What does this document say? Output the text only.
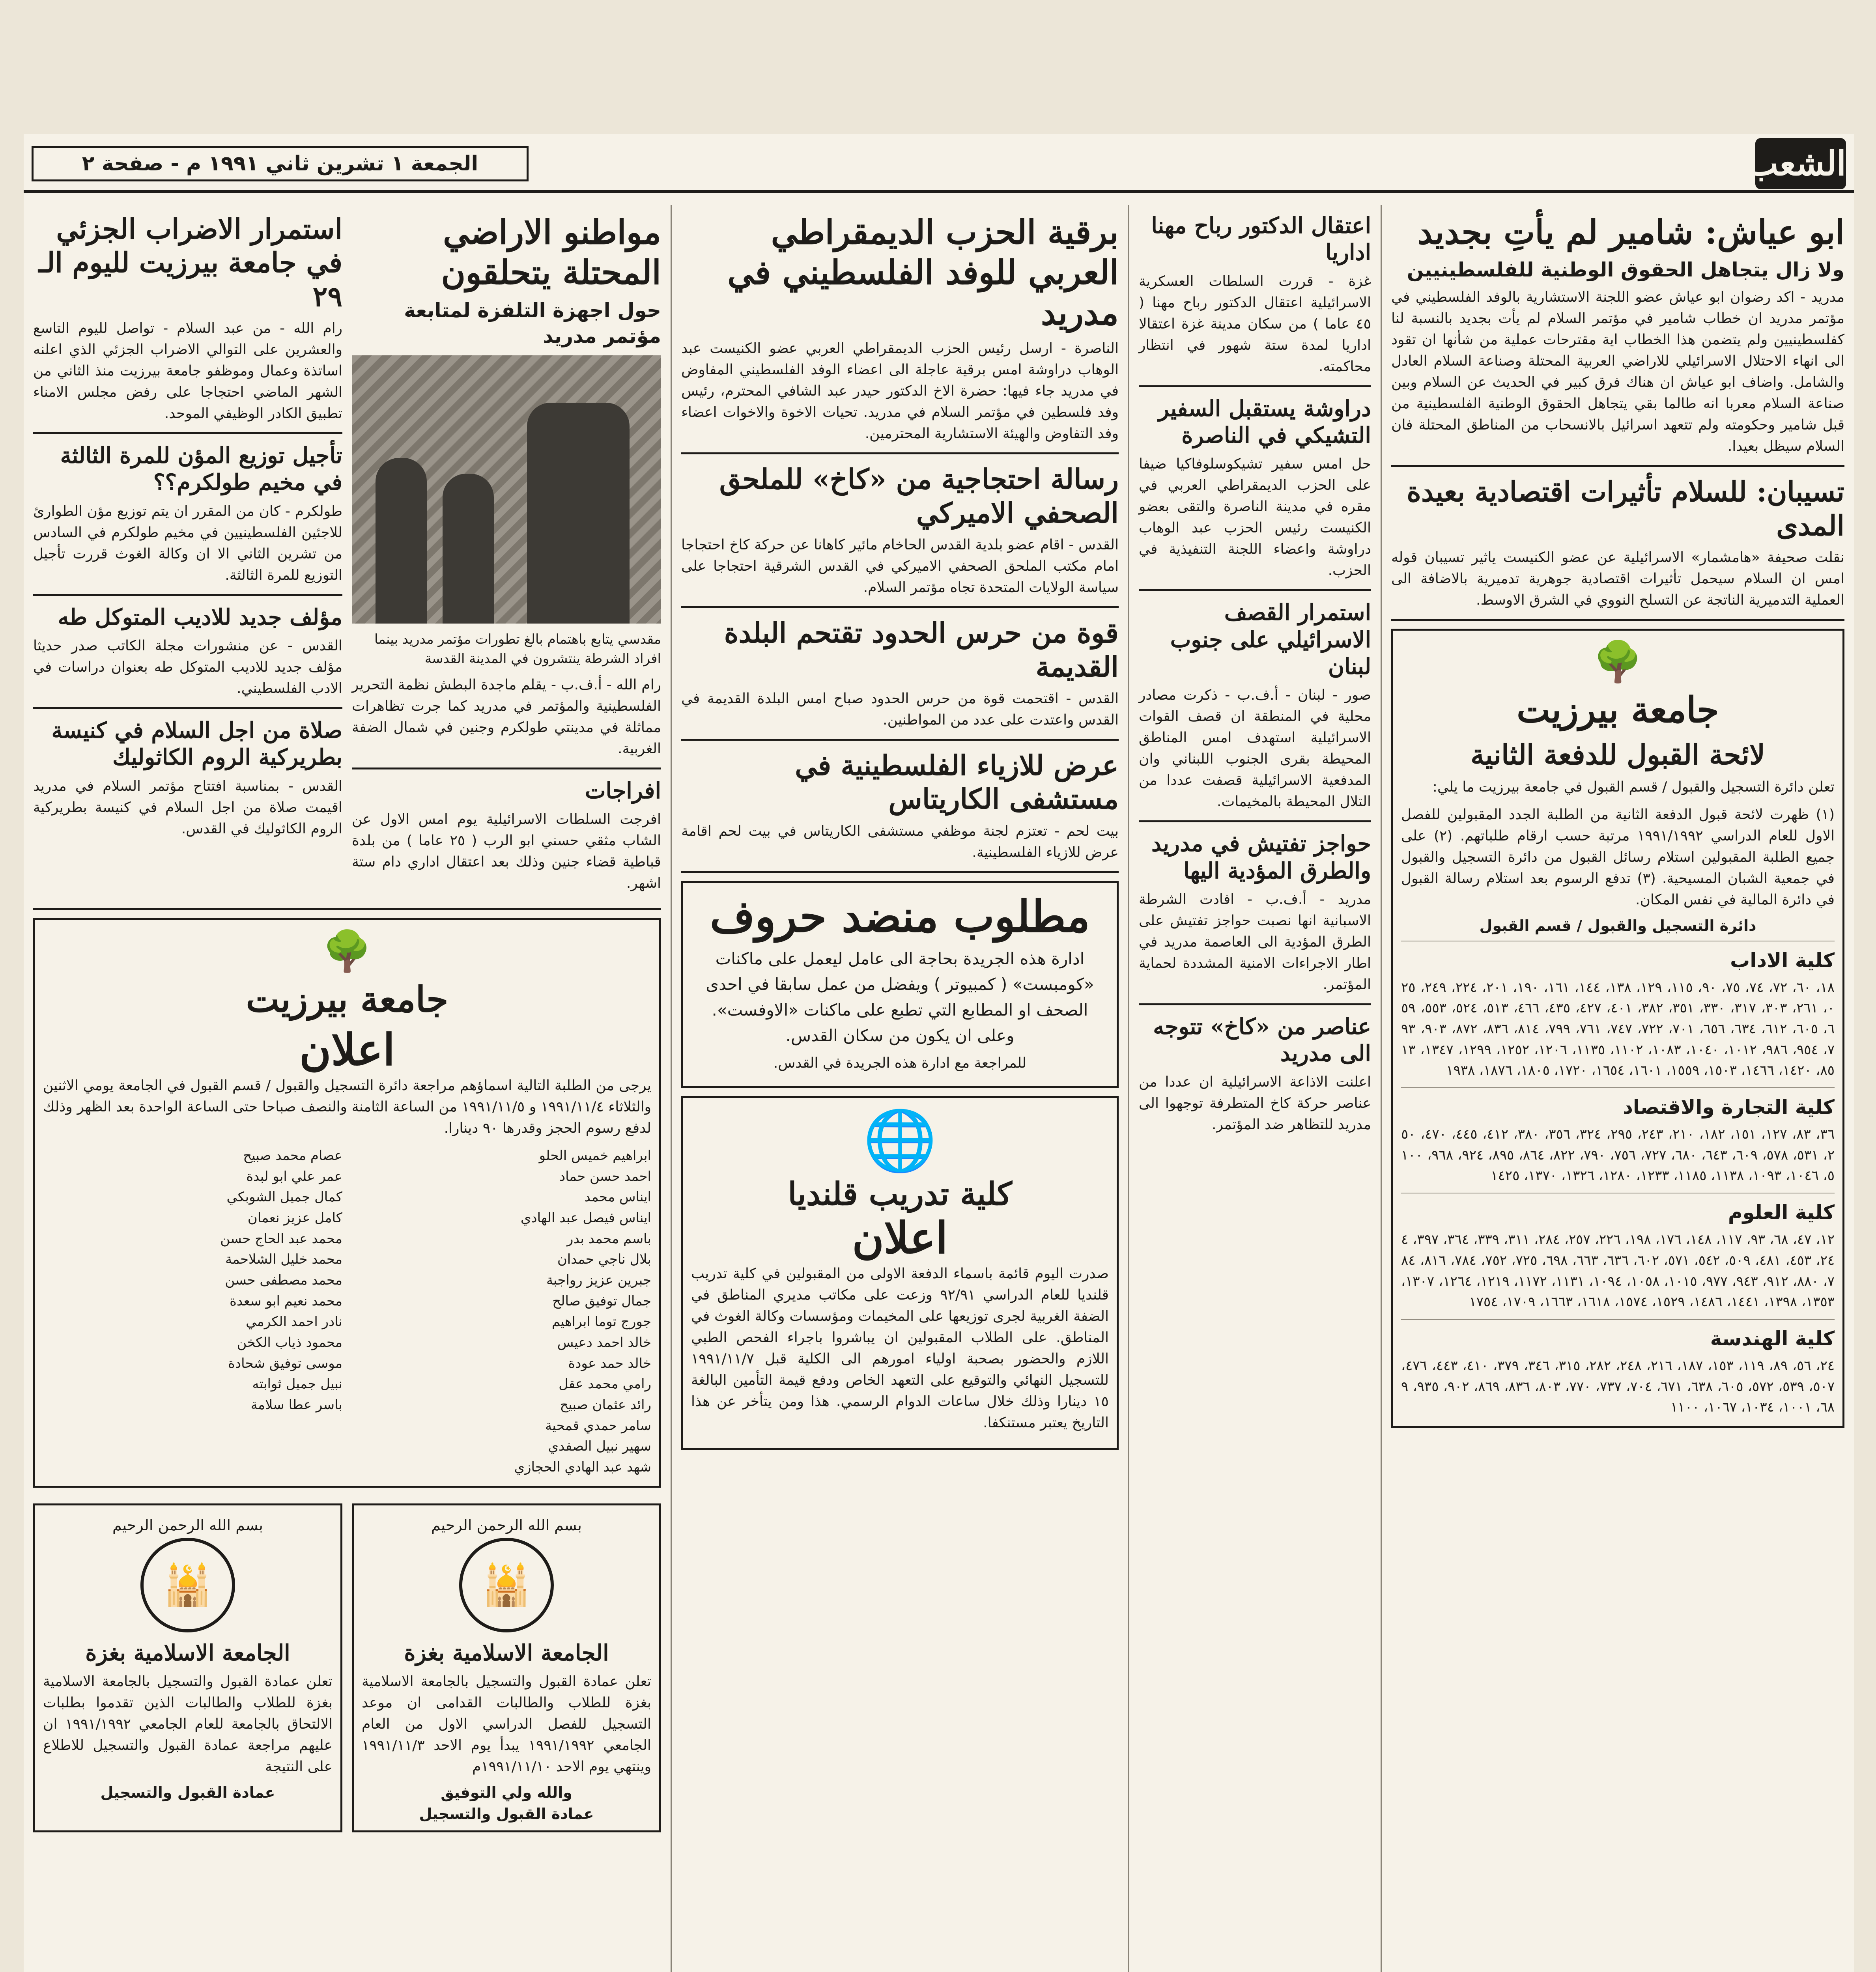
الشعب
الجمعة ١ تشرين ثاني ١٩٩١ م - صفحة ٢
ابو عياش: شامير لم يأتِ بجديد
ولا زال يتجاهل الحقوق الوطنية للفلسطينيين
مدريد - اكد رضوان ابو عياش عضو اللجنة الاستشارية بالوفد الفلسطيني في مؤتمر مدريد ان خطاب شامير في مؤتمر السلام لم يأت بجديد بالنسبة لنا كفلسطينيين ولم يتضمن هذا الخطاب اية مقترحات عملية من شأنها ان تقود الى انهاء الاحتلال الاسرائيلي للاراضي العربية المحتلة وصناعة السلام العادل والشامل. واضاف ابو عياش ان هناك فرق كبير في الحديث عن السلام وبين صناعة السلام معربا انه طالما بقي يتجاهل الحقوق الوطنية الفلسطينية من قبل شامير وحكومته ولم تتعهد اسرائيل بالانسحاب من المناطق المحتلة فان السلام سيظل بعيدا.
تسيبان: للسلام تأثيرات اقتصادية بعيدة المدى
نقلت صحيفة «هامشمار» الاسرائيلية عن عضو الكنيست ياثير تسيبان قوله امس ان السلام سيحمل تأثيرات اقتصادية جوهرية تدميرية بالاضافة الى العملية التدميرية الناتجة عن التسلح النووي في الشرق الاوسط.
🌳
جامعة بيرزيت
لائحة القبول للدفعة الثانية
تعلن دائرة التسجيل والقبول / قسم القبول في جامعة بيرزيت ما يلي:
(١) ظهرت لائحة قبول الدفعة الثانية من الطلبة الجدد المقبولين للفصل الاول للعام الدراسي ١٩٩١/١٩٩٢ مرتبة حسب ارقام طلباتهم. (٢) على جميع الطلبة المقبولين استلام رسائل القبول من دائرة التسجيل والقبول في جمعية الشبان المسيحية. (٣) تدفع الرسوم بعد استلام رسالة القبول في دائرة المالية في نفس المكان.
دائرة التسجيل والقبول / قسم القبول
كلية الاداب
١٨، ٦٠، ٧٢، ٧٤، ٧٥، ٩٠، ١١٥، ١٢٩، ١٣٨، ١٤٤، ١٦١، ١٩٠، ٢٠١، ٢٢٤، ٢٤٩، ٢٥٠، ٢٦١، ٣٠٣، ٣١٧، ٣٣٠، ٣٥١، ٣٨٢، ٤٠١، ٤٢٧، ٤٣٥، ٤٦٦، ٥١٣، ٥٢٤، ٥٥٣، ٥٩٦، ٦٠٥، ٦١٢، ٦٣٤، ٦٥٦، ٧٠١، ٧٢٢، ٧٤٧، ٧٦١، ٧٩٩، ٨١٤، ٨٣٦، ٨٧٢، ٩٠٣، ٩٣٧، ٩٥٤، ٩٨٦، ١٠١٢، ١٠٤٠، ١٠٨٣، ١١٠٢، ١١٣٥، ١٢٠٦، ١٢٥٢، ١٢٩٩، ١٣٤٧، ١٣٨٥، ١٤٢٠، ١٤٦٦، ١٥٠٣، ١٥٥٩، ١٦٠١، ١٦٥٤، ١٧٢٠، ١٨٠٥، ١٨٧٦، ١٩٣٨
كلية التجارة والاقتصاد
٣٦، ٨٣، ١٢٧، ١٥١، ١٨٢، ٢١٠، ٢٤٣، ٢٩٥، ٣٢٤، ٣٥٦، ٣٨٠، ٤١٢، ٤٤٥، ٤٧٠، ٥٠٢، ٥٣١، ٥٧٨، ٦٠٩، ٦٤٣، ٦٨٠، ٧٢٧، ٧٥٦، ٧٩٠، ٨٢٢، ٨٦٤، ٨٩٥، ٩٢٤، ٩٦٨، ١٠٠٥، ١٠٤٦، ١٠٩٣، ١١٣٨، ١١٨٥، ١٢٣٣، ١٢٨٠، ١٣٢٦، ١٣٧٠، ١٤٢٥
كلية العلوم
١٢، ٤٧، ٦٨، ٩٣، ١١٧، ١٤٨، ١٧٦، ١٩٨، ٢٢٦، ٢٥٧، ٢٨٤، ٣١١، ٣٣٩، ٣٦٤، ٣٩٧، ٤٢٤، ٤٥٣، ٤٨١، ٥٠٩، ٥٤٢، ٥٧١، ٦٠٢، ٦٣٦، ٦٦٣، ٦٩٨، ٧٢٥، ٧٥٢، ٧٨٤، ٨١٦، ٨٤٧، ٨٨٠، ٩١٢، ٩٤٣، ٩٧٧، ١٠١٥، ١٠٥٨، ١٠٩٤، ١١٣١، ١١٧٢، ١٢١٩، ١٢٦٤، ١٣٠٧، ١٣٥٣، ١٣٩٨، ١٤٤١، ١٤٨٦، ١٥٢٩، ١٥٧٤، ١٦١٨، ١٦٦٣، ١٧٠٩، ١٧٥٤
كلية الهندسة
٢٤، ٥٦، ٨٩، ١١٩، ١٥٣، ١٨٧، ٢١٦، ٢٤٨، ٢٨٢، ٣١٥، ٣٤٦، ٣٧٩، ٤١٠، ٤٤٣، ٤٧٦، ٥٠٧، ٥٣٩، ٥٧٢، ٦٠٥، ٦٣٨، ٦٧١، ٧٠٤، ٧٣٧، ٧٧٠، ٨٠٣، ٨٣٦، ٨٦٩، ٩٠٢، ٩٣٥، ٩٦٨، ١٠٠١، ١٠٣٤، ١٠٦٧، ١١٠٠
اعتقال الدكتور رباح مهنا اداريا
غزة - قررت السلطات العسكرية الاسرائيلية اعتقال الدكتور رباح مهنا ( ٤٥ عاما ) من سكان مدينة غزة اعتقالا اداريا لمدة ستة شهور في انتظار محاكمته.
دراوشة يستقبل السفير التشيكي في الناصرة
حل امس سفير تشيكوسلوفاكيا ضيفا على الحزب الديمقراطي العربي في مقره في مدينة الناصرة والتقى بعضو الكنيست رئيس الحزب عبد الوهاب دراوشة واعضاء اللجنة التنفيذية في الحزب.
استمرار القصف الاسرائيلي على جنوب لبنان
صور - لبنان - أ.ف.ب - ذكرت مصادر محلية في المنطقة ان قصف القوات الاسرائيلية استهدف امس المناطق المحيطة بقرى الجنوب اللبناني وان المدفعية الاسرائيلية قصفت عددا من التلال المحيطة بالمخيمات.
حواجز تفتيش في مدريد والطرق المؤدية اليها
مدريد - أ.ف.ب - افادت الشرطة الاسبانية انها نصبت حواجز تفتيش على الطرق المؤدية الى العاصمة مدريد في اطار الاجراءات الامنية المشددة لحماية المؤتمر.
عناصر من «كاخ» تتوجه الى مدريد
اعلنت الاذاعة الاسرائيلية ان عددا من عناصر حركة كاخ المتطرفة توجهوا الى مدريد للتظاهر ضد المؤتمر.
برقية الحزب الديمقراطي العربي للوفد الفلسطيني في مدريد
الناصرة - ارسل رئيس الحزب الديمقراطي العربي عضو الكنيست عبد الوهاب دراوشة امس برقية عاجلة الى اعضاء الوفد الفلسطيني المفاوض في مدريد جاء فيها: حضرة الاخ الدكتور حيدر عبد الشافي المحترم، رئيس وفد فلسطين في مؤتمر السلام في مدريد. تحيات الاخوة والاخوات اعضاء وفد التفاوض والهيئة الاستشارية المحترمين.
رسالة احتجاجية من «كاخ» للملحق الصحفي الاميركي
القدس - اقام عضو بلدية القدس الحاخام مائير كاهانا عن حركة كاخ احتجاجا امام مكتب الملحق الصحفي الاميركي في القدس الشرقية احتجاجا على سياسة الولايات المتحدة تجاه مؤتمر السلام.
قوة من حرس الحدود تقتحم البلدة القديمة
القدس - اقتحمت قوة من حرس الحدود صباح امس البلدة القديمة في القدس واعتدت على عدد من المواطنين.
عرض للازياء الفلسطينية في مستشفى الكاريتاس
بيت لحم - تعتزم لجنة موظفي مستشفى الكاريتاس في بيت لحم اقامة عرض للازياء الفلسطينية.
مطلوب منضد حروف
ادارة هذه الجريدة بحاجة الى عامل ليعمل على ماكنات «كومبست» ( كمبيوتر ) ويفضل من عمل سابقا في احدى الصحف او المطابع التي تطبع على ماكنات «الاوفست». وعلى ان يكون من سكان القدس.
للمراجعة مع ادارة هذه الجريدة في القدس.
🌐
كلية تدريب قلنديا
اعلان
صدرت اليوم قائمة باسماء الدفعة الاولى من المقبولين في كلية تدريب قلنديا للعام الدراسي ٩٢/٩١ وزعت على مكاتب مديري المناطق في الضفة الغربية لجرى توزيعها على المخيمات ومؤسسات وكالة الغوث في المناطق. على الطلاب المقبولين ان يباشروا باجراء الفحص الطبي اللازم والحضور بصحبة اولياء امورهم الى الكلية قبل ١٩٩١/١١/٧ للتسجيل النهائي والتوقيع على التعهد الخاص ودفع قيمة التأمين البالغة ١٥ دينارا وذلك خلال ساعات الدوام الرسمي. هذا ومن يتأخر عن هذا التاريخ يعتبر مستنكفا.
مواطنو الاراضي المحتلة يتحلقون
حول اجهزة التلفزة لمتابعة مؤتمر مدريد
مقدسي يتابع باهتمام بالغ تطورات مؤتمر مدريد بينما افراد الشرطة ينتشرون في المدينة القدسة
رام الله - أ.ف.ب - يقلم ماجدة البطش نظمة التحرير الفلسطينية والمؤتمر في مدريد كما جرت تظاهرات مماثلة في مدينتي طولكرم وجنين في شمال الضفة الغربية.
افراجات
افرجت السلطات الاسرائيلية يوم امس الاول عن الشاب مثقي حسني ابو الرب ( ٢٥ عاما ) من بلدة قباطية قضاء جنين وذلك بعد اعتقال اداري دام ستة اشهر.
استمرار الاضراب الجزئي في جامعة بيرزيت لليوم الـ ٢٩
رام الله - من عبد السلام - تواصل لليوم التاسع والعشرين على التوالي الاضراب الجزئي الذي اعلنه اساتذة وعمال وموظفو جامعة بيرزيت منذ الثاني من الشهر الماضي احتجاجا على رفض مجلس الامناء تطبيق الكادر الوظيفي الموحد.
تأجيل توزيع المؤن للمرة الثالثة في مخيم طولكرم؟؟
طولكرم - كان من المقرر ان يتم توزيع مؤن الطوارئ للاجئين الفلسطينيين في مخيم طولكرم في السادس من تشرين الثاني الا ان وكالة الغوث قررت تأجيل التوزيع للمرة الثالثة.
مؤلف جديد للاديب المتوكل طه
القدس - عن منشورات مجلة الكاتب صدر حديثا مؤلف جديد للاديب المتوكل طه بعنوان دراسات في الادب الفلسطيني.
صلاة من اجل السلام في كنيسة بطريركية الروم الكاثوليك
القدس - بمناسبة افتتاح مؤتمر السلام في مدريد اقيمت صلاة من اجل السلام في كنيسة بطريركية الروم الكاثوليك في القدس.
🌳
جامعة بيرزيت
اعلان
يرجى من الطلبة التالية اسماؤهم مراجعة دائرة التسجيل والقبول / قسم القبول في الجامعة يومي الاثنين والثلاثاء ١٩٩١/١١/٤ و ١٩٩١/١١/٥ من الساعة الثامنة والنصف صباحا حتى الساعة الواحدة بعد الظهر وذلك لدفع رسوم الحجز وقدرها ٩٠ دينارا.
ابراهيم خميس الحلو
احمد حسن حماد
ايناس محمد
ايناس فيصل عبد الهادي
باسم محمد بدر
بلال ناجي حمدان
جبرين عزيز رواجبة
جمال توفيق صالح
جورج توما ابراهيم
خالد احمد دعيس
خالد حمد عودة
رامي محمد عقل
رائد عثمان صبيح
سامر حمدي قمحية
سهير نبيل الصفدي
شهد عبد الهادي الحجازي
عصام محمد صبيح
عمر علي ابو لبدة
كمال جميل الشوبكي
كامل عزيز نعمان
محمد عبد الحاج حسن
محمد خليل الشلاحمة
محمد مصطفى حسن
محمد نعيم ابو سعدة
نادر احمد الكرمي
محمود ذياب الكخن
موسى توفيق شحادة
نبيل جميل ثوابته
باسر عطا سلامة
بسم الله الرحمن الرحيم
🕌
الجامعة الاسلامية بغزة
تعلن عمادة القبول والتسجيل بالجامعة الاسلامية بغزة للطلاب والطالبات القدامى ان موعد التسجيل للفصل الدراسي الاول من العام الجامعي ١٩٩١/١٩٩٢ يبدأ يوم الاحد ١٩٩١/١١/٣ وينتهي يوم الاحد ١٩٩١/١١/١٠م
والله ولي التوفيق
عمادة القبول والتسجيل
بسم الله الرحمن الرحيم
🕌
الجامعة الاسلامية بغزة
تعلن عمادة القبول والتسجيل بالجامعة الاسلامية بغزة للطلاب والطالبات الذين تقدموا بطلبات الالتحاق بالجامعة للعام الجامعي ١٩٩١/١٩٩٢ ان عليهم مراجعة عمادة القبول والتسجيل للاطلاع على النتيجة
عمادة القبول والتسجيل
